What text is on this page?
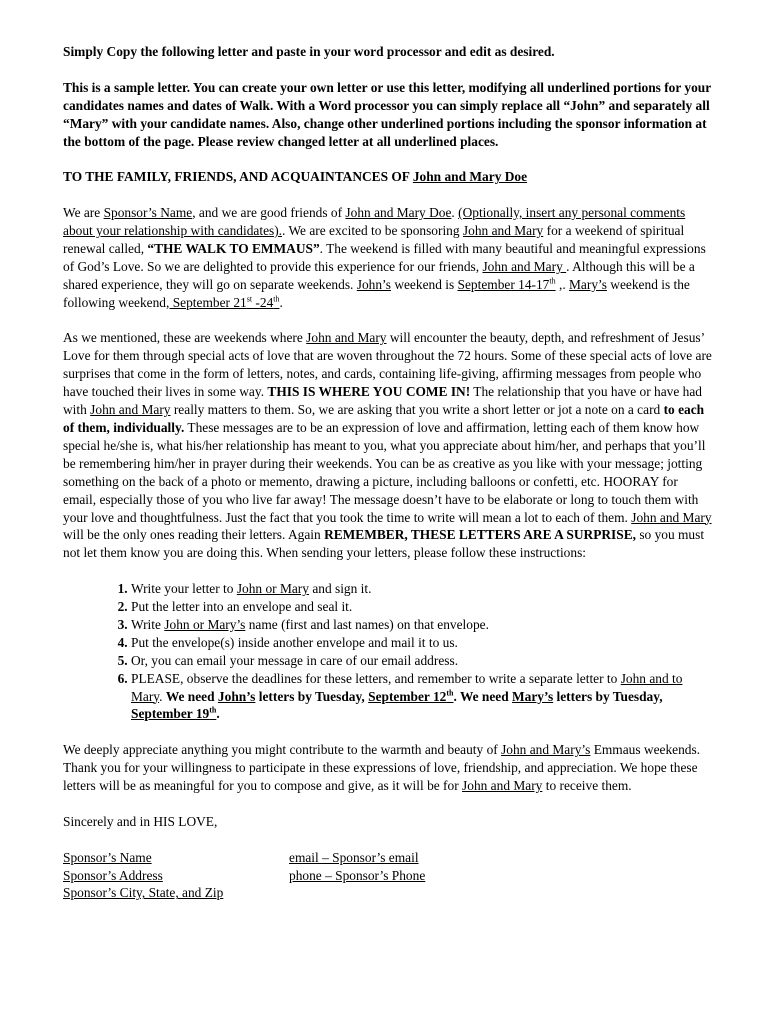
Simply Copy the following letter and paste in your word processor and edit as desired.

This is a sample letter. You can create your own letter or use this letter, modifying all underlined portions for your candidates names and dates of Walk. With a Word processor you can simply replace all “John” and separately all “Mary” with your candidate names. Also, change other underlined portions including the sponsor information at the bottom of the page. Please review changed letter at all underlined places.

TO THE FAMILY, FRIENDS, AND ACQUAINTANCES OF John and Mary Doe

We are Sponsor’s Name, and we are good friends of John and Mary Doe. (Optionally, insert any personal comments about your relationship with candidates).. We are excited to be sponsoring John and Mary for a weekend of spiritual renewal called, “THE WALK TO EMMAUS”. The weekend is filled with many beautiful and meaningful expressions of God’s Love. So we are delighted to provide this experience for our friends, John and Mary . Although this will be a shared experience, they will go on separate weekends. John’s weekend is September 14-17th ,. Mary’s weekend is the following weekend, September 21st -24th.

As we mentioned, these are weekends where John and Mary will encounter the beauty, depth, and refreshment of Jesus’ Love for them through special acts of love that are woven throughout the 72 hours. Some of these special acts of love are surprises that come in the form of letters, notes, and cards, containing life-giving, affirming messages from people who have touched their lives in some way. THIS IS WHERE YOU COME IN! The relationship that you have or have had with John and Mary really matters to them. So, we are asking that you write a short letter or jot a note on a card to each of them, individually. These messages are to be an expression of love and affirmation, letting each of them know how special he/she is, what his/her relationship has meant to you, what you appreciate about him/her, and perhaps that you’ll be remembering him/her in prayer during their weekends. You can be as creative as you like with your message; jotting something on the back of a photo or memento, drawing a picture, including balloons or confetti, etc. HOORAY for email, especially those of you who live far away! The message doesn’t have to be elaborate or long to touch them with your love and thoughtfulness. Just the fact that you took the time to write will mean a lot to each of them. John and Mary will be the only ones reading their letters. Again REMEMBER, THESE LETTERS ARE A SURPRISE, so you must not let them know you are doing this. When sending your letters, please follow these instructions:

1. Write your letter to John or Mary and sign it.
2. Put the letter into an envelope and seal it.
3. Write John or Mary’s name (first and last names) on that envelope.
4. Put the envelope(s) inside another envelope and mail it to us.
5. Or, you can email your message in care of our email address.
6. PLEASE, observe the deadlines for these letters, and remember to write a separate letter to John and to Mary. We need John’s letters by Tuesday, September 12th. We need Mary’s letters by Tuesday, September 19th.

We deeply appreciate anything you might contribute to the warmth and beauty of John and Mary’s Emmaus weekends. Thank you for your willingness to participate in these expressions of love, friendship, and appreciation. We hope these letters will be as meaningful for you to compose and give, as it will be for John and Mary to receive them.

Sincerely and in HIS LOVE,

Sponsor’s Name	email – Sponsor’s email
Sponsor’s Address	phone – Sponsor’s Phone
Sponsor’s City, State, and Zip
